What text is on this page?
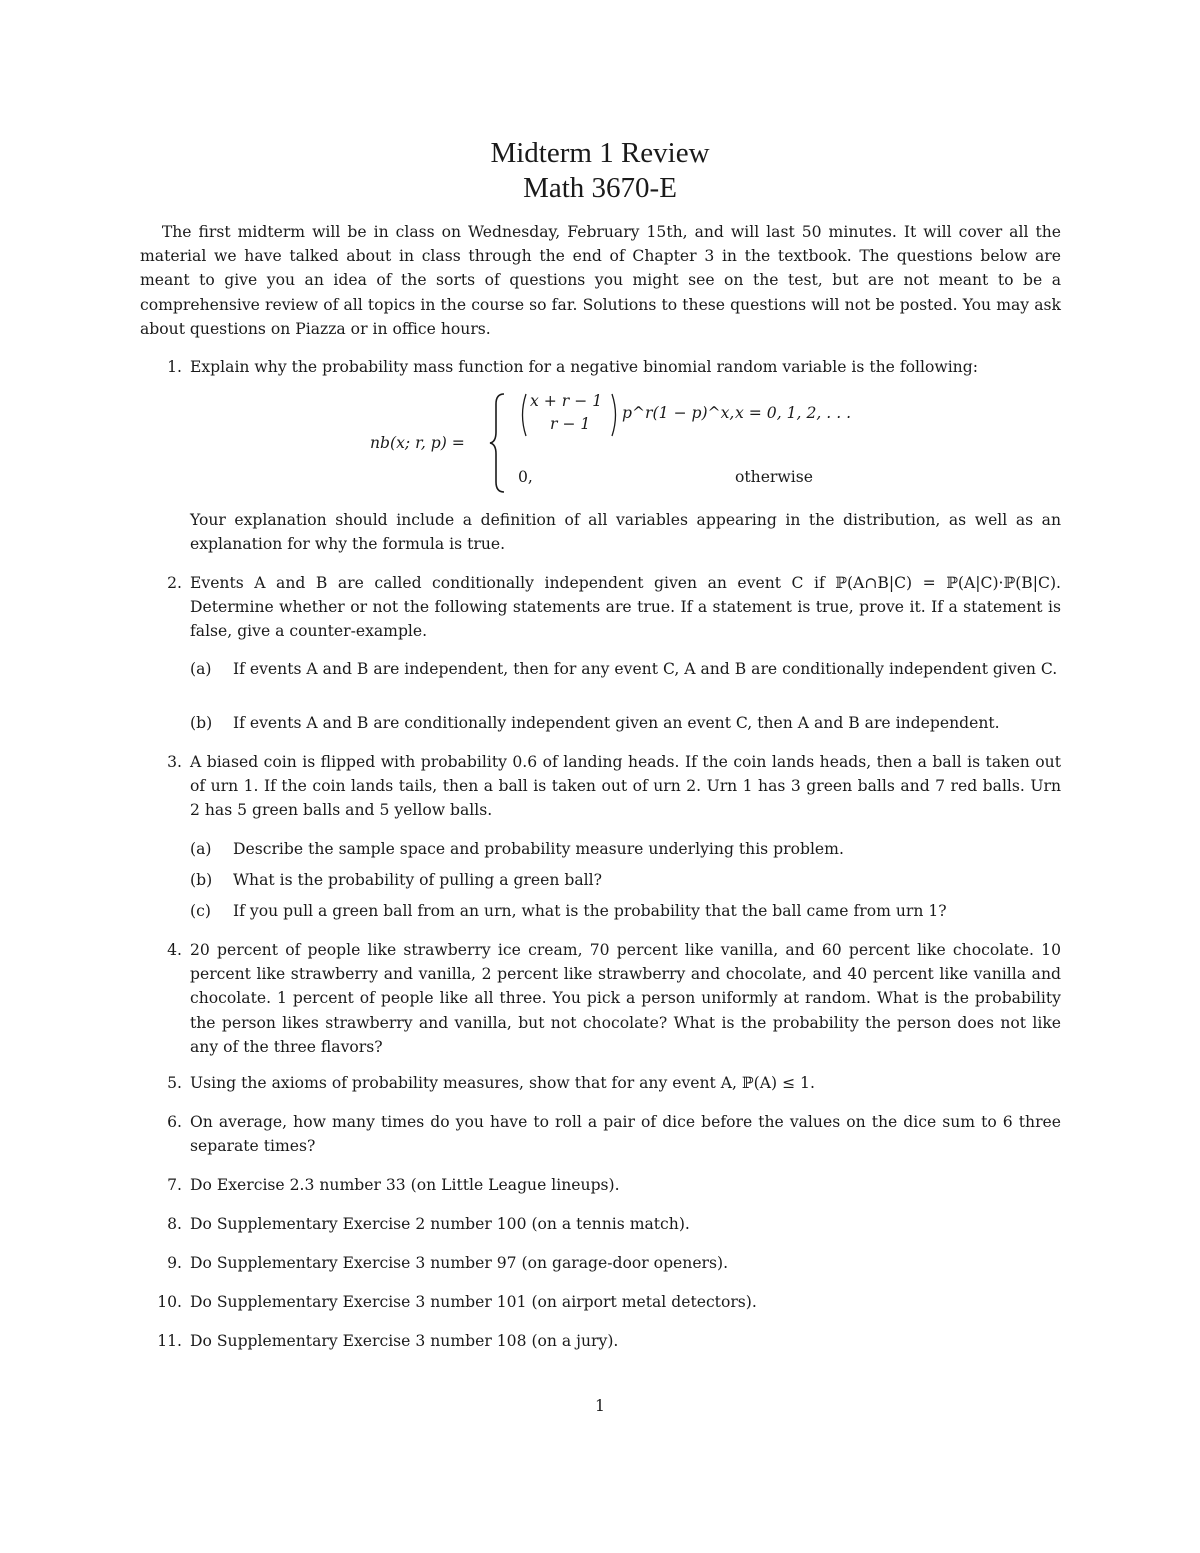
Midterm 1 Review
Math 3670-E
The first midterm will be in class on Wednesday, February 15th, and will last 50 minutes. It will cover all the material we have talked about in class through the end of Chapter 3 in the textbook. The questions below are meant to give you an idea of the sorts of questions you might see on the test, but are not meant to be a comprehensive review of all topics in the course so far. Solutions to these questions will not be posted. You may ask about questions on Piazza or in office hours.
1. Explain why the probability mass function for a negative binomial random variable is the following:
nb(x; r, p) =
x + r − 1
r − 1
p^r(1 − p)^x, x = 0, 1, 2, . . .
0,	otherwise
Your explanation should include a definition of all variables appearing in the distribution, as well as an explanation for why the formula is true.
2. Events A and B are called conditionally independent given an event C if ℙ(A∩B|C) = ℙ(A|C)·ℙ(B|C). Determine whether or not the following statements are true. If a statement is true, prove it. If a statement is false, give a counter-example.
(a)	If events A and B are independent, then for any event C, A and B are conditionally independent given C.
(b)	If events A and B are conditionally independent given an event C, then A and B are independent.
3. A biased coin is flipped with probability 0.6 of landing heads. If the coin lands heads, then a ball is taken out of urn 1. If the coin lands tails, then a ball is taken out of urn 2. Urn 1 has 3 green balls and 7 red balls. Urn 2 has 5 green balls and 5 yellow balls.
(a)	Describe the sample space and probability measure underlying this problem.
(b)	What is the probability of pulling a green ball?
(c)	If you pull a green ball from an urn, what is the probability that the ball came from urn 1?
4. 20 percent of people like strawberry ice cream, 70 percent like vanilla, and 60 percent like chocolate. 10 percent like strawberry and vanilla, 2 percent like strawberry and chocolate, and 40 percent like vanilla and chocolate. 1 percent of people like all three. You pick a person uniformly at random. What is the probability the person likes strawberry and vanilla, but not chocolate? What is the probability the person does not like any of the three flavors?
5. Using the axioms of probability measures, show that for any event A, ℙ(A) ≤ 1.
6. On average, how many times do you have to roll a pair of dice before the values on the dice sum to 6 three separate times?
7. Do Exercise 2.3 number 33 (on Little League lineups).
8. Do Supplementary Exercise 2 number 100 (on a tennis match).
9. Do Supplementary Exercise 3 number 97 (on garage-door openers).
10. Do Supplementary Exercise 3 number 101 (on airport metal detectors).
11. Do Supplementary Exercise 3 number 108 (on a jury).
1
